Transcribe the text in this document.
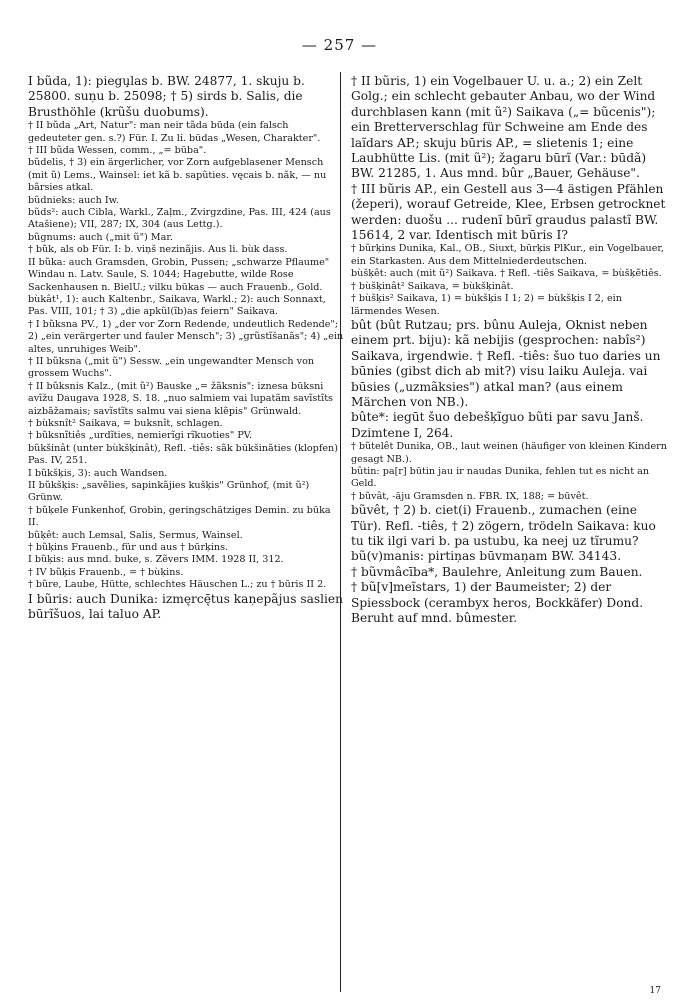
— 257 —

I bũda, 1): piegu̧las b. BW. 24877, 1. skuju b. 25800. suņu b. 25098; † 5) sirds b. Salis, die Brusthöhle (krũšu duobums).

† II bũda „Art, Natur": man neir tãda būda (ein falsch gedeuteter gen. s.?) Für. I. Zu li. būdas „Wesen, Charakter".

† III bũda Wessen, comm., „= būba".

bũdelis, † 3) ein ärgerlicher, vor Zorn aufgeblasener Mensch (mit ũ) Lems., Wainsel: iet kã b. sapũties. vęcais b. nãk, — nu bãrsies atkal.

bũdnieks: auch Iw.

bũds²: auch Cibla, Warkl., Zaļm., Zvirgzdine, Pas. III, 424 (aus Atašiene); VII, 287; IX, 304 (aus Lettg.).

bũgnums: auch („mit ũ") Mar.

† bũk, als ob Für. I: b. viņš nezinãjis. Aus li. bùk dass.

II bũka: auch Gramsden, Grobin, Pussen; „schwarze Pflaume" Windau n. Latv. Saule, S. 1044; Hagebutte, wilde Rose Sackenhausen n. BielU.; vilku būkas — auch Frauenb., Gold.

bùkât¹, 1): auch Kaltenbr., Saikava, Warkl.; 2): auch Sonnaxt, Pas. VIII, 101; † 3) „die apkũl(ĩb)as feiern" Saikava.

† I bũksna PV., 1) „der vor Zorn Redende, undeutlich Redende"; 2) „ein verärgerter und fauler Mensch"; 3) „grũstĩšanãs"; 4) „ein altes, unruhiges Weib".

† II bũksna („mit ũ") Sessw. „ein ungewandter Mensch von grossem Wuchs".

† II bũksnis Kalz., (mit ũ²) Bauske „= žãksnis": iznesa būksni avĩžu Daugava 1928, S. 18. „nuo salmiem vai lupatãm savĩstĩts aizbãžamais; savĩstĩts salmu vai siena klẽpis" Grünwald.

† bùksnît² Saikava, = buksnît, schlagen.

† bũksnĩtiês „urdĩties, nemierĩgi rĩkuoties" PV.

bũkšinât (unter bùkšķinât), Refl. -tiês: sãk būkšinãties (klopfen) Pas. IV, 251.

I bũkšķis, 3): auch Wandsen.

II bũkšķis: „savẽlies, sapinkãjies kušķis" Grünhof, (mit ũ²) Grünw.

† bũķele Funkenhof, Grobin, geringschätziges Demin. zu būka II.

bũķêt: auch Lemsal, Salis, Sermus, Wainsel.

† bũķins Frauenb., für und aus † būrķins.

I bũķis: aus mnd. buke, s. Zẽvers IMM. 1928 II, 312.

† IV bũķis Frauenb., = † bùķins.

† bũre, Laube, Hütte, schlechtes Häuschen L.; zu † būris II 2.

I bũris: auch Dunika: izmęrcę̄tus kaņepãjus saslien būrĩšuos, lai taluo AP.

† II bũris, 1) ein Vogelbauer U. u. a.; 2) ein Zelt Golg.; ein schlecht gebauter Anbau, wo der Wind durchblasen kann (mit ũ²) Saikava („= bũcenis"); ein Bretterverschlag für Schweine am Ende des laĩdars AP.; skuju būris AP., = slietenis 1; eine Laubhütte Lis. (mit ũ²); žagaru būrĩ (Var.: būdã) BW. 21285, 1. Aus mnd. bûr „Bauer, Gehäuse".

† III bũris AP., ein Gestell aus 3—4 ästigen Pfählen (žeperi), worauf Getreide, Klee, Erbsen getrocknet werden: duošu ... rudenĩ būrĩ graudus palastĩ BW. 15614, 2 var. Identisch mit būris I?

† bũrķins Dunika, Kal., OB., Siuxt, būrķis PlKur., ein Vogelbauer, ein Starkasten. Aus dem Mittelniederdeutschen.

bùšķêt: auch (mit ũ²) Saikava. † Refl. -tiês Saikava, = bùšķẽtiês.

† bùšķinât² Saikava, = bùkšķinât.

† bùšķis² Saikava, 1) = bùkšķis I 1; 2) = bùkšķis I 2, ein lärmendes Wesen.

bût (bût Rutzau; prs. bûnu Auleja, Oknist neben einem prt. biju): kã nebijis (gesprochen: nabîs²) Saikava, irgendwie. † Refl. -tiês: šuo tuo daries un būnies (gibst dich ab mit?) visu laiku Auleja. vai būsies („uzmãksies") atkal man? (aus einem Märchen von NB.).

bûte*: iegūt šuo debešķĩguo bũti par savu Janš. Dzimtene I, 264.

† bũtelêt Dunika, OB., laut weinen (häufiger von kleinen Kindern gesagt NB.).

bûtin: pa[r] būtin jau ir naudas Dunika, fehlen tut es nicht an Geld.

† bũvât, -āju Gramsden n. FBR. IX, 188; = būvêt.

bũvêt, † 2) b. ciet(i) Frauenb., zumachen (eine Tür). Refl. -tiês, † 2) zögern, trödeln Saikava: kuo tu tik ilgi vari b. pa ustubu, ka neej uz tĩrumu?

bũ(v)manis: pirtiņas būvmaņam BW. 34143.

† bũvmâcība*, Baulehre, Anleitung zum Bauen.

† bũ[v]meĩstars, 1) der Baumeister; 2) der Spiessbock (cerambyx heros, Bockkäfer) Dond. Beruht auf mnd. bûmester.

17
